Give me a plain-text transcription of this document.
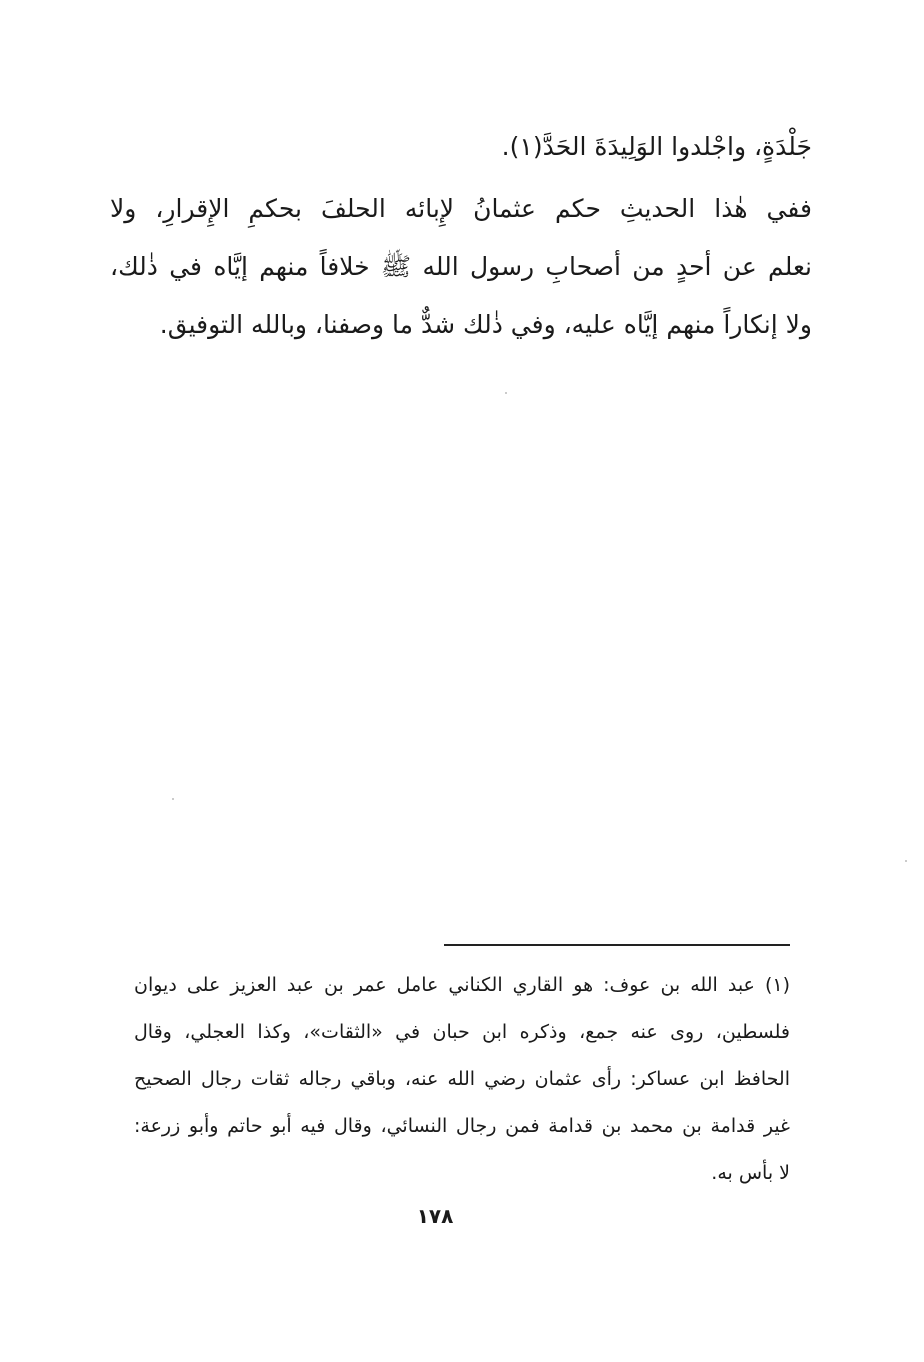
جَلْدَةٍ، واجْلدوا الوَلِيدَةَ الحَدَّ(١).
ففي هٰذا الحديثِ حكم عثمانُ لإِبائه الحلفَ بحكمِ الإِقرارِ، ولا
نعلم عن أحدٍ من أصحابِ رسول الله ﷺ خلافاً منهم إيَّاه في ذٰلك،
ولا إنكاراً منهم إيَّاه عليه، وفي ذٰلك شدٌّ ما وصفنا، وبالله التوفيق.
(١) عبد الله بن عوف: هو القاري الكناني عامل عمر بن عبد العزيز على ديوان
فلسطين، روى عنه جمع، وذكره ابن حبان في «الثقات»، وكذا العجلي، وقال
الحافظ ابن عساكر: رأى عثمان رضي الله عنه، وباقي رجاله ثقات رجال الصحيح
غير قدامة بن محمد بن قدامة فمن رجال النسائي، وقال فيه أبو حاتم وأبو زرعة:
لا بأس به.
١٧٨
